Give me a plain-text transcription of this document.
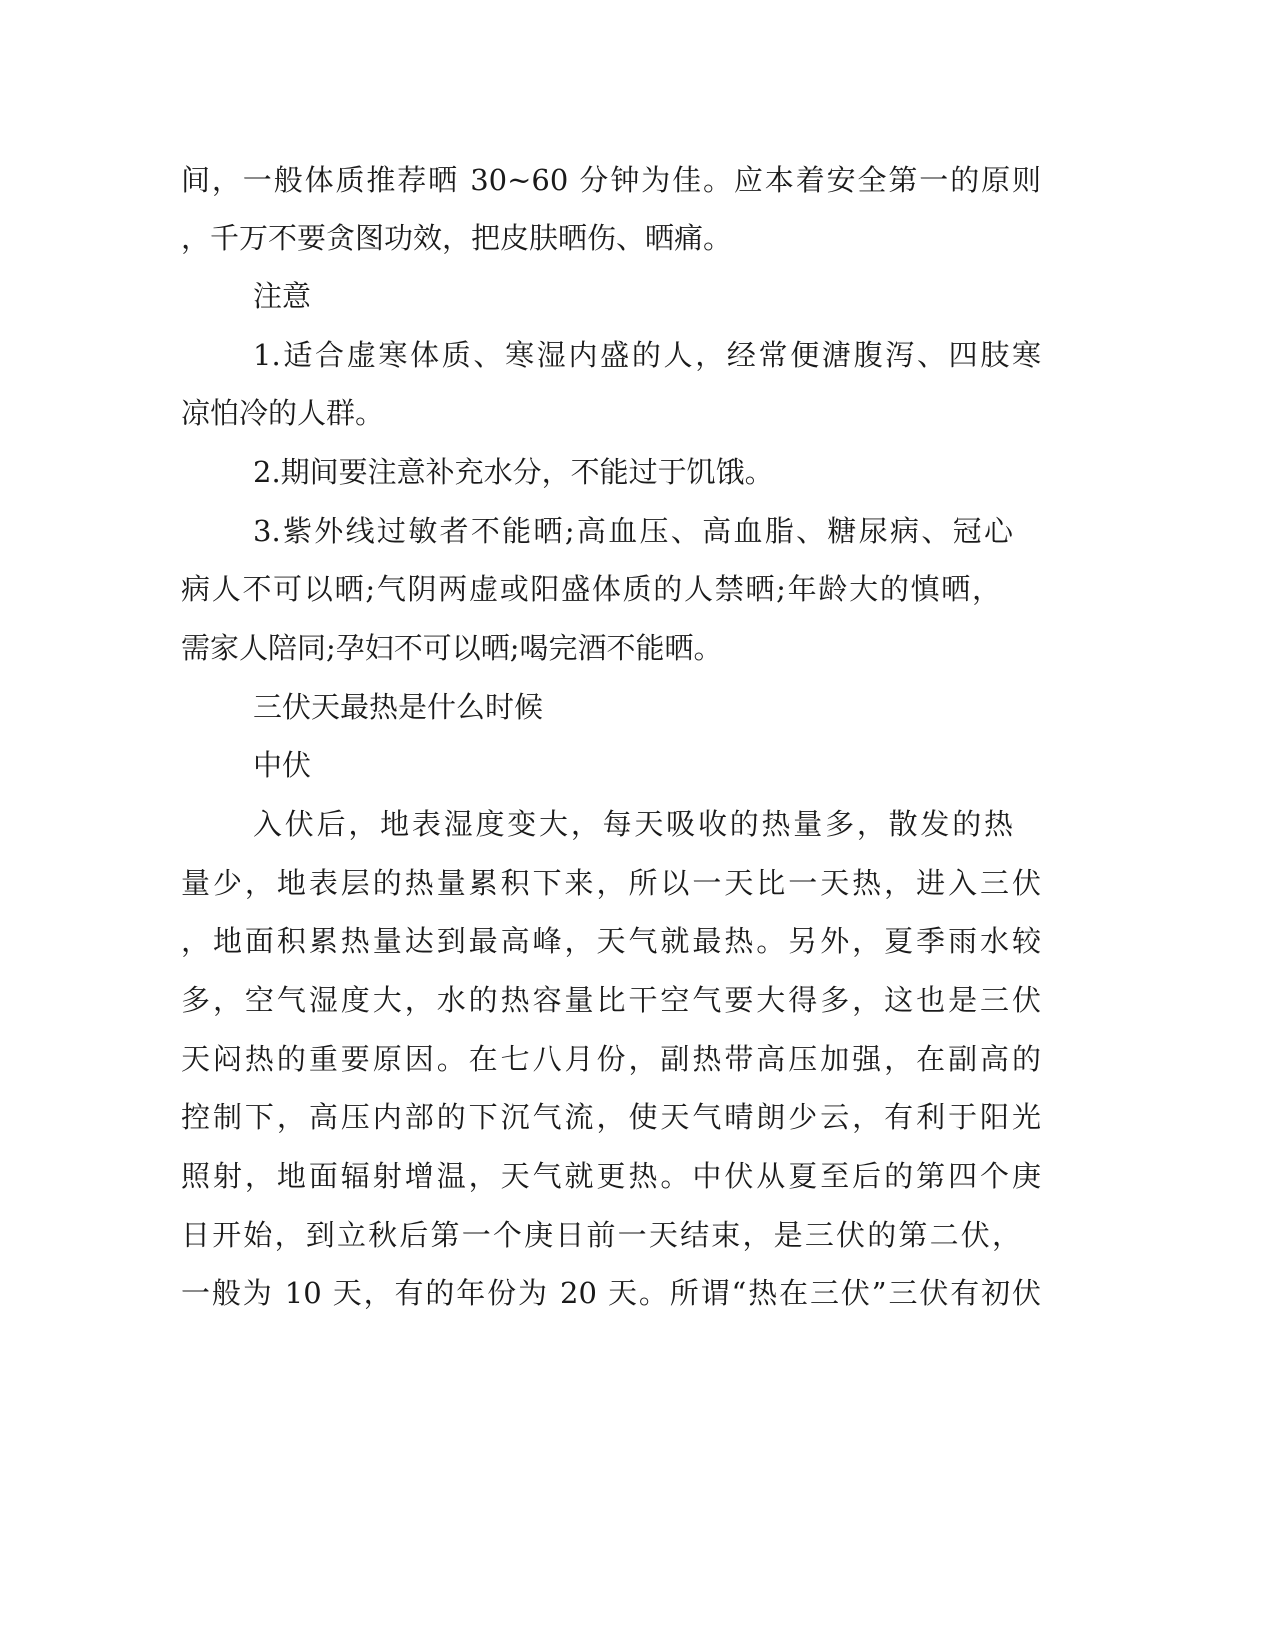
间，一般体质推荐晒 30~60 分钟为佳。应本着安全第一的原则
，千万不要贪图功效，把皮肤晒伤、晒痛。
注意
1.适合虚寒体质、寒湿内盛的人，经常便溏腹泻、四肢寒
凉怕冷的人群。
2.期间要注意补充水分，不能过于饥饿。
3.紫外线过敏者不能晒;高血压、高血脂、糖尿病、冠心
病人不可以晒;气阴两虚或阳盛体质的人禁晒;年龄大的慎晒，
需家人陪同;孕妇不可以晒;喝完酒不能晒。
三伏天最热是什么时候
中伏
入伏后，地表湿度变大，每天吸收的热量多，散发的热
量少，地表层的热量累积下来，所以一天比一天热，进入三伏
，地面积累热量达到最高峰，天气就最热。另外，夏季雨水较
多，空气湿度大，水的热容量比干空气要大得多，这也是三伏
天闷热的重要原因。在七八月份，副热带高压加强，在副高的
控制下，高压内部的下沉气流，使天气晴朗少云，有利于阳光
照射，地面辐射增温，天气就更热。中伏从夏至后的第四个庚
日开始，到立秋后第一个庚日前一天结束，是三伏的第二伏，
一般为 10 天，有的年份为 20 天。所谓“热在三伏”三伏有初伏
